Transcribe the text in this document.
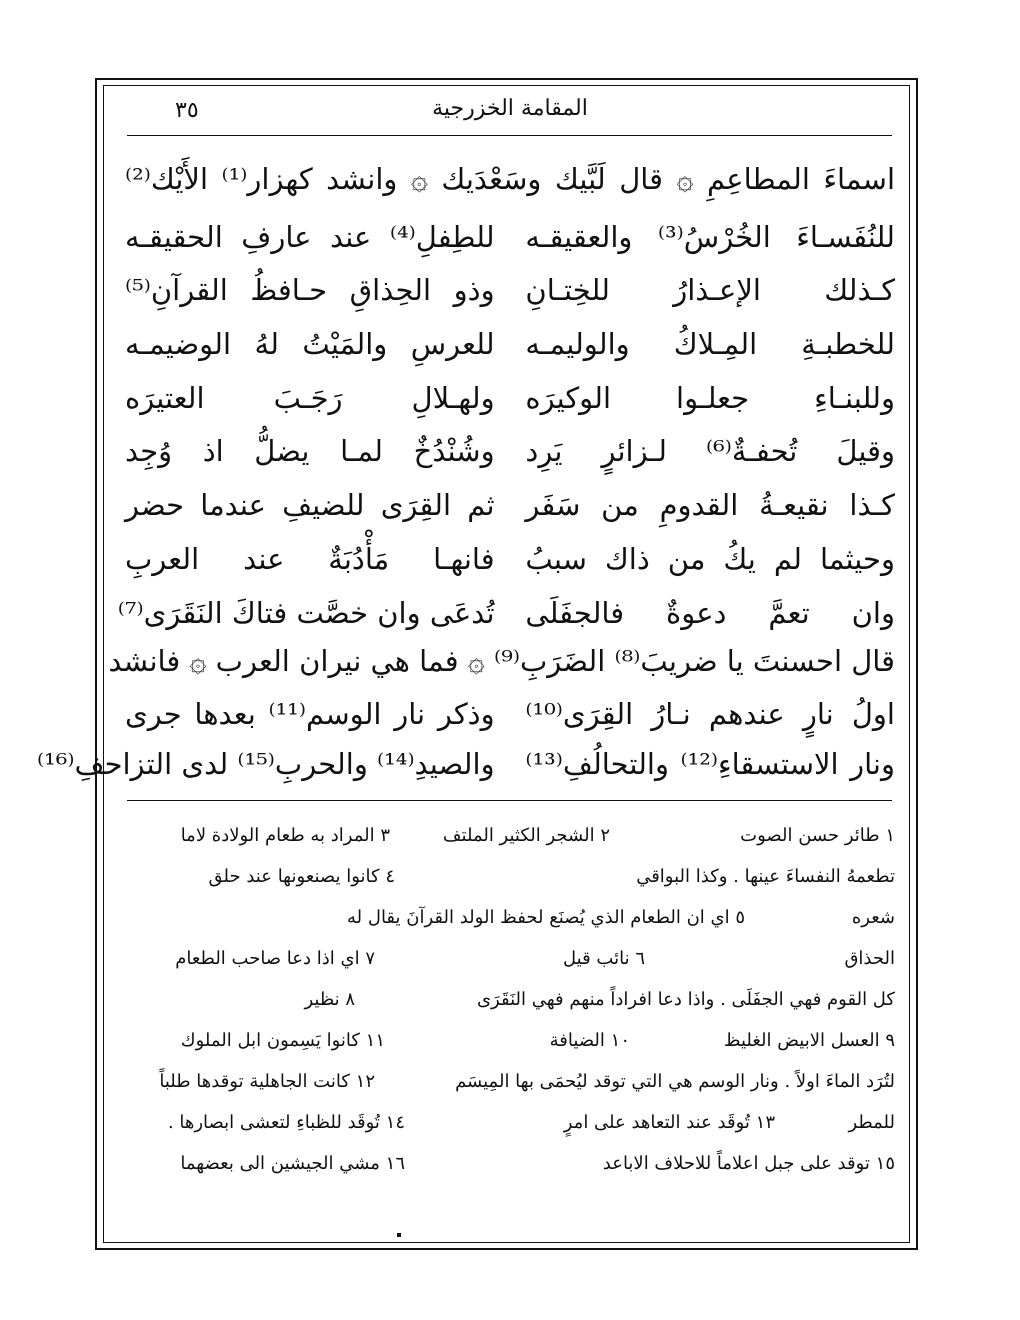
٣٥	المقامة الخزرجية
اسماءَ المطاعِمِ ۞ قال لَبَّيك وسَعْدَيك ۞ وانشد كهزار⁽¹⁾ الأَيْك⁽²⁾
للنُفَسـاءَ الخُرْسُ⁽³⁾ والعقيقـه
للطِفلِ⁽⁴⁾ عند عارفِ الحقيقـه
كـذلك الإعـذارُ للخِتـانِ
وذو الحِذاقِ حـافظُ القرآنِ⁽⁵⁾
للخطبـةِ المِـلاكُ والوليمـه
للعرسِ والمَيْتُ لهُ الوضيمـه
وللبنـاءِ جعلـوا الوكيرَه
ولهـلالِ رَجَـبَ العتيرَه
وقيلَ تُحفـةٌ⁽⁶⁾ لـزائرٍ يَرِد
وشُنْدُخٌ لمـا يضلُّ اذ وُجِد
كـذا نقيعـةُ القدومِ من سَفَر
ثم القِرَى للضيفِ عندما حضر
وحيثما لم يكُ من ذاك سببُ
فانهـا مَأْدُبَةٌ عند العربِ
وان تعمَّ دعوةٌ فالجفَلَى
تُدعَى وان خصَّت فتاكَ النَقَرَى⁽⁷⁾
قال احسنتَ يا ضريبَ⁽⁸⁾ الضَرَبِ⁽⁹⁾ ۞ فما هي نيران العرب ۞ فانشد
اولُ نارٍ عندهم نـارُ القِرَى⁽¹⁰⁾
وذكر نار الوسم⁽¹¹⁾ بعدها جرى
ونار الاستسقاءِ⁽¹²⁾ والتحالُفِ⁽¹³⁾
والصيدِ⁽¹⁴⁾ والحربِ⁽¹⁵⁾ لدى التزاحفِ⁽¹⁶⁾
١ طائر حسن الصوت
٢ الشجر الكثير الملتف
٣ المراد به طعام الولادة لاما
تطعمهُ النفساءَ عينها . وكذا البواقي
٤ كانوا يصنعونها عند حلق
شعره
٥ اي ان الطعام الذي يُصنَع لحفظ الولد القرآنَ يقال له
الحذاق
٦ نائب قيل
٧ اي اذا دعا صاحب الطعام
كل القوم فهي الجفَلَى . واذا دعا افراداً منهم فهي النَقَرَى
٨ نظير
٩ العسل الابيض الغليظ
١٠ الضيافة
١١ كانوا يَسِمون ابل الملوك
لتُرَد الماءَ اولاً . ونار الوسم هي التي توقد ليُحمَى بها المِيسَم
١٢ كانت الجاهلية توقدها طلباً
للمطر
١٣ تُوقَد عند التعاهد على امرٍ
١٤ تُوقَد للظباءِ لتعشى ابصارها .
١٥ توقد على جبل اعلاماً للاحلاف الاباعد
١٦ مشي الجيشين الى بعضهما
